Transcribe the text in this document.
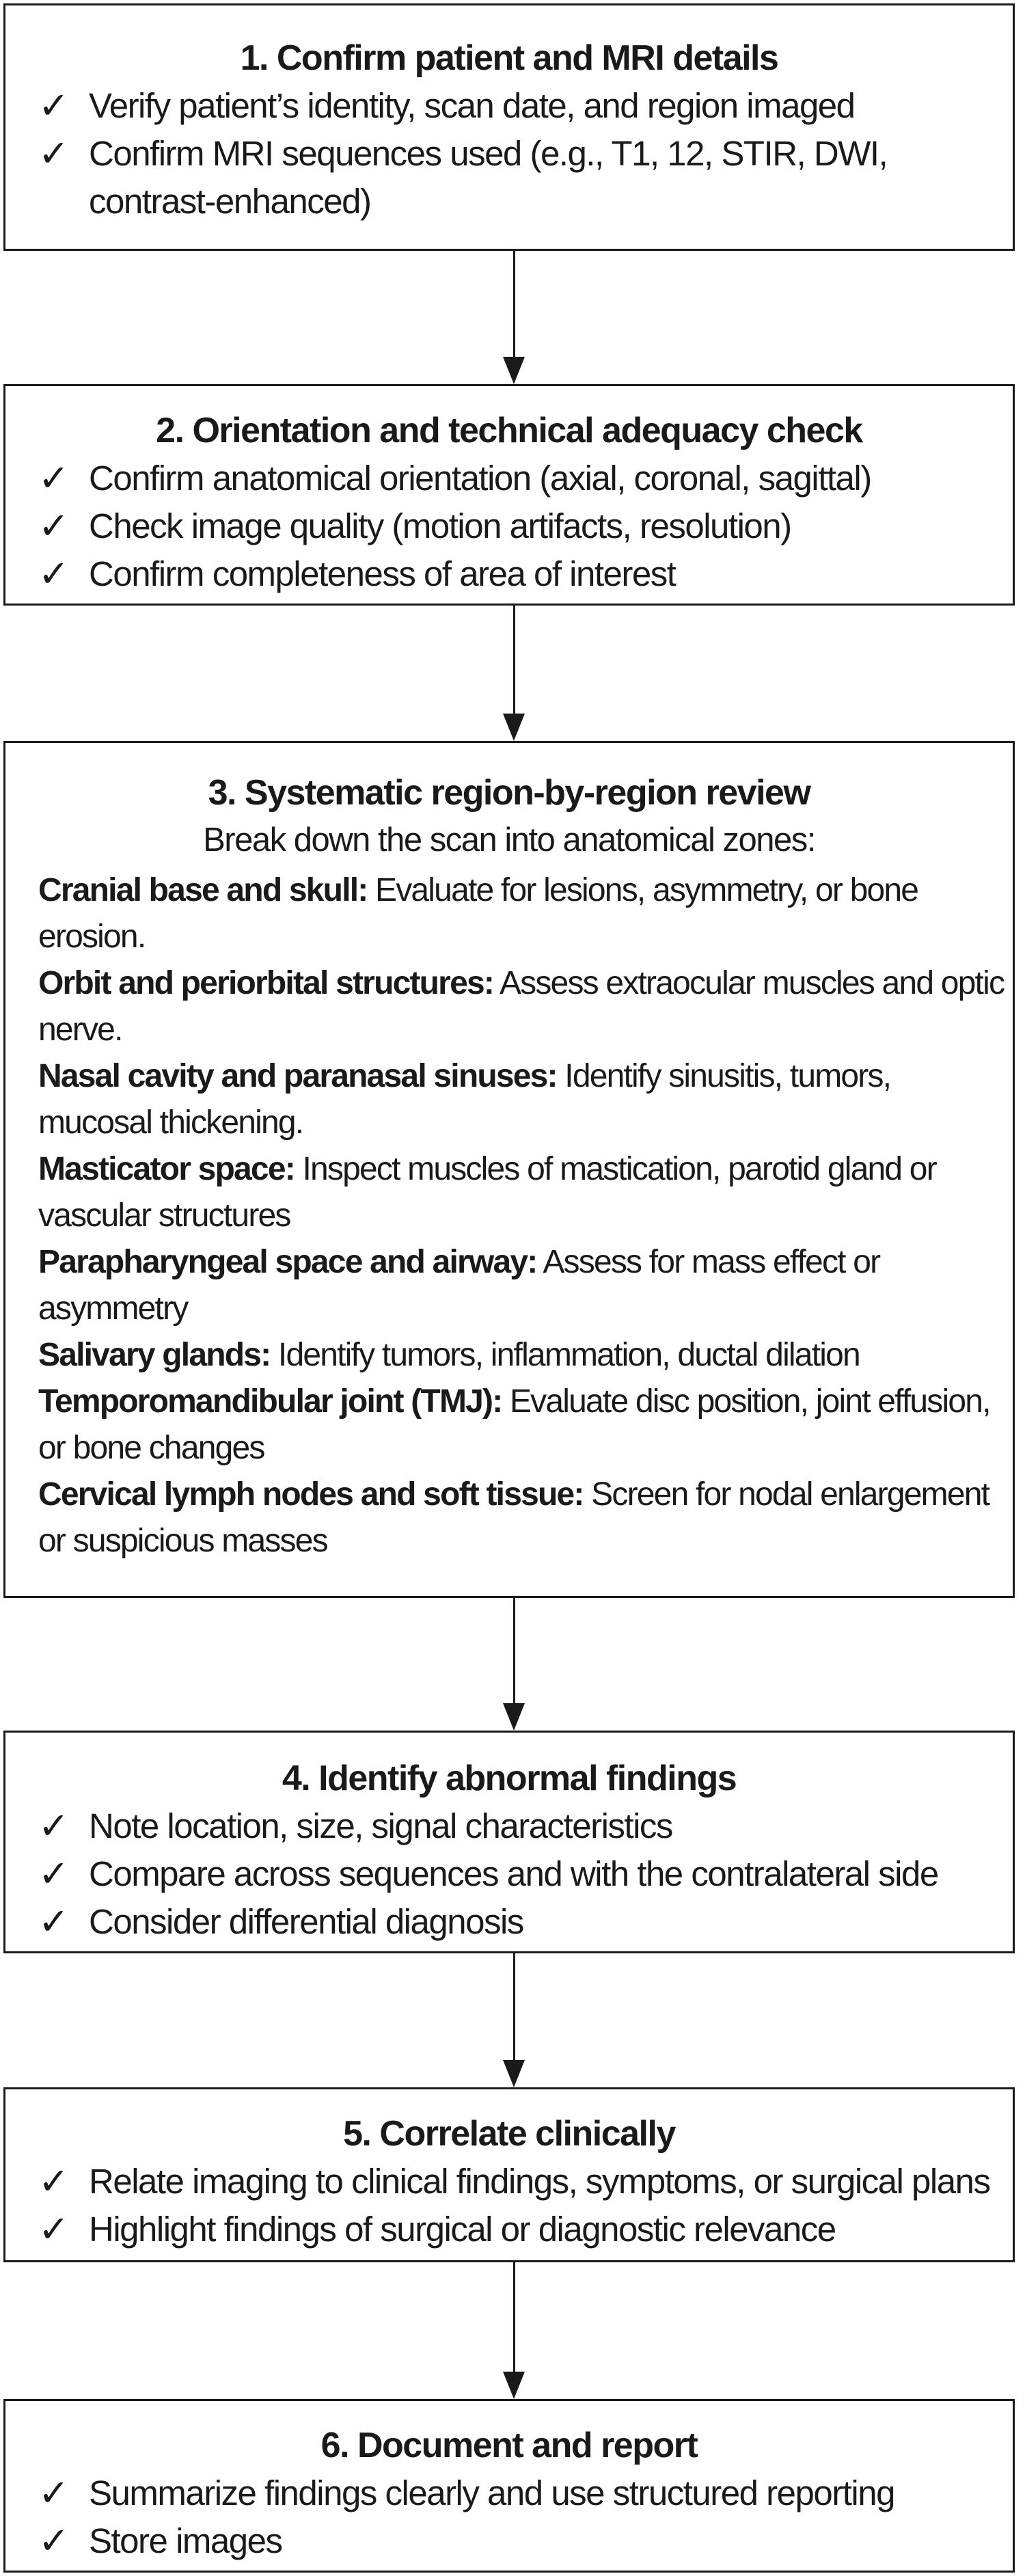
1. Confirm patient and MRI details
✓ Verify patient’s identity, scan date, and region imaged
✓ Confirm MRI sequences used (e.g., T1, 12, STIR, DWI, contrast-enhanced)
2. Orientation and technical adequacy check
✓ Confirm anatomical orientation (axial, coronal, sagittal)
✓ Check image quality (motion artifacts, resolution)
✓ Confirm completeness of area of interest
3. Systematic region-by-region review
Break down the scan into anatomical zones:
Cranial base and skull: Evaluate for lesions, asymmetry, or bone erosion.
Orbit and periorbital structures: Assess extraocular muscles and optic nerve.
Nasal cavity and paranasal sinuses: Identify sinusitis, tumors, mucosal thickening.
Masticator space: Inspect muscles of mastication, parotid gland or vascular structures
Parapharyngeal space and airway: Assess for mass effect or asymmetry
Salivary glands: Identify tumors, inflammation, ductal dilation
Temporomandibular joint (TMJ): Evaluate disc position, joint effusion, or bone changes
Cervical lymph nodes and soft tissue: Screen for nodal enlargement or suspicious masses
4. Identify abnormal findings
✓ Note location, size, signal characteristics
✓ Compare across sequences and with the contralateral side
✓ Consider differential diagnosis
5. Correlate clinically
✓ Relate imaging to clinical findings, symptoms, or surgical plans
✓ Highlight findings of surgical or diagnostic relevance
6. Document and report
✓ Summarize findings clearly and use structured reporting
✓ Store images
